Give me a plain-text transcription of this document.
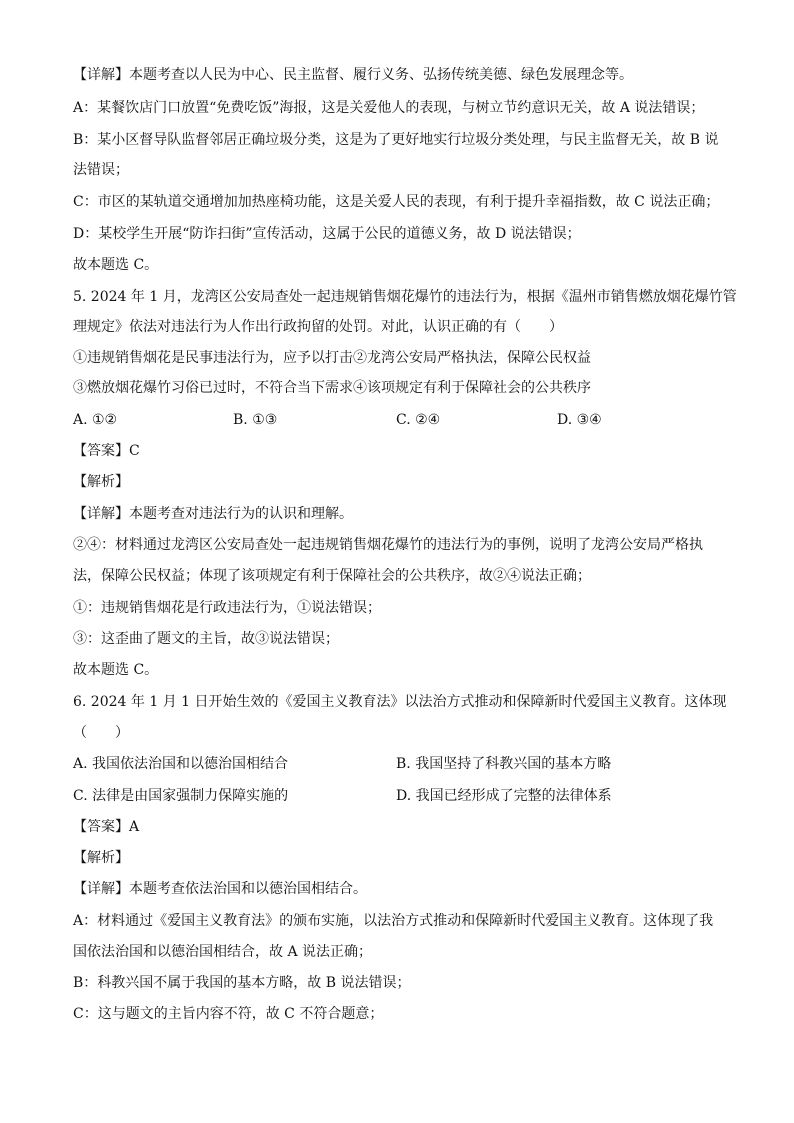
【详解】本题考查以人民为中心、民主监督、履行义务、弘扬传统美德、绿色发展理念等。
A：某餐饮店门口放置“免费吃饭”海报，这是关爱他人的表现，与树立节约意识无关，故 A 说法错误；
B：某小区督导队监督邻居正确垃圾分类，这是为了更好地实行垃圾分类处理，与民主监督无关，故 B 说
法错误；
C：市区的某轨道交通增加加热座椅功能，这是关爱人民的表现，有利于提升幸福指数，故 C 说法正确；
D：某校学生开展“防诈扫街”宣传活动，这属于公民的道德义务，故 D 说法错误；
故本题选 C。
5. 2024 年 1 月，龙湾区公安局查处一起违规销售烟花爆竹的违法行为，根据《温州市销售燃放烟花爆竹管
理规定》依法对违法行为人作出行政拘留的处罚。对此，认识正确的有（　　）
①违规销售烟花是民事违法行为，应予以打击②龙湾公安局严格执法，保障公民权益
③燃放烟花爆竹习俗已过时，不符合当下需求④该项规定有利于保障社会的公共秩序
A. ①②	B. ①③	C. ②④	D. ③④
【答案】C
【解析】
【详解】本题考查对违法行为的认识和理解。
②④：材料通过龙湾区公安局查处一起违规销售烟花爆竹的违法行为的事例，说明了龙湾公安局严格执
法，保障公民权益；体现了该项规定有利于保障社会的公共秩序，故②④说法正确；
①：违规销售烟花是行政违法行为，①说法错误；
③：这歪曲了题文的主旨，故③说法错误；
故本题选 C。
6. 2024 年 1 月 1 日开始生效的《爱国主义教育法》以法治方式推动和保障新时代爱国主义教育。这体现
（　　）
A. 我国依法治国和以德治国相结合	B. 我国坚持了科教兴国的基本方略
C. 法律是由国家强制力保障实施的	D. 我国已经形成了完整的法律体系
【答案】A
【解析】
【详解】本题考查依法治国和以德治国相结合。
A：材料通过《爱国主义教育法》的颁布实施，以法治方式推动和保障新时代爱国主义教育。这体现了我
国依法治国和以德治国相结合，故 A 说法正确；
B：科教兴国不属于我国的基本方略，故 B 说法错误；
C：这与题文的主旨内容不符，故 C 不符合题意；
